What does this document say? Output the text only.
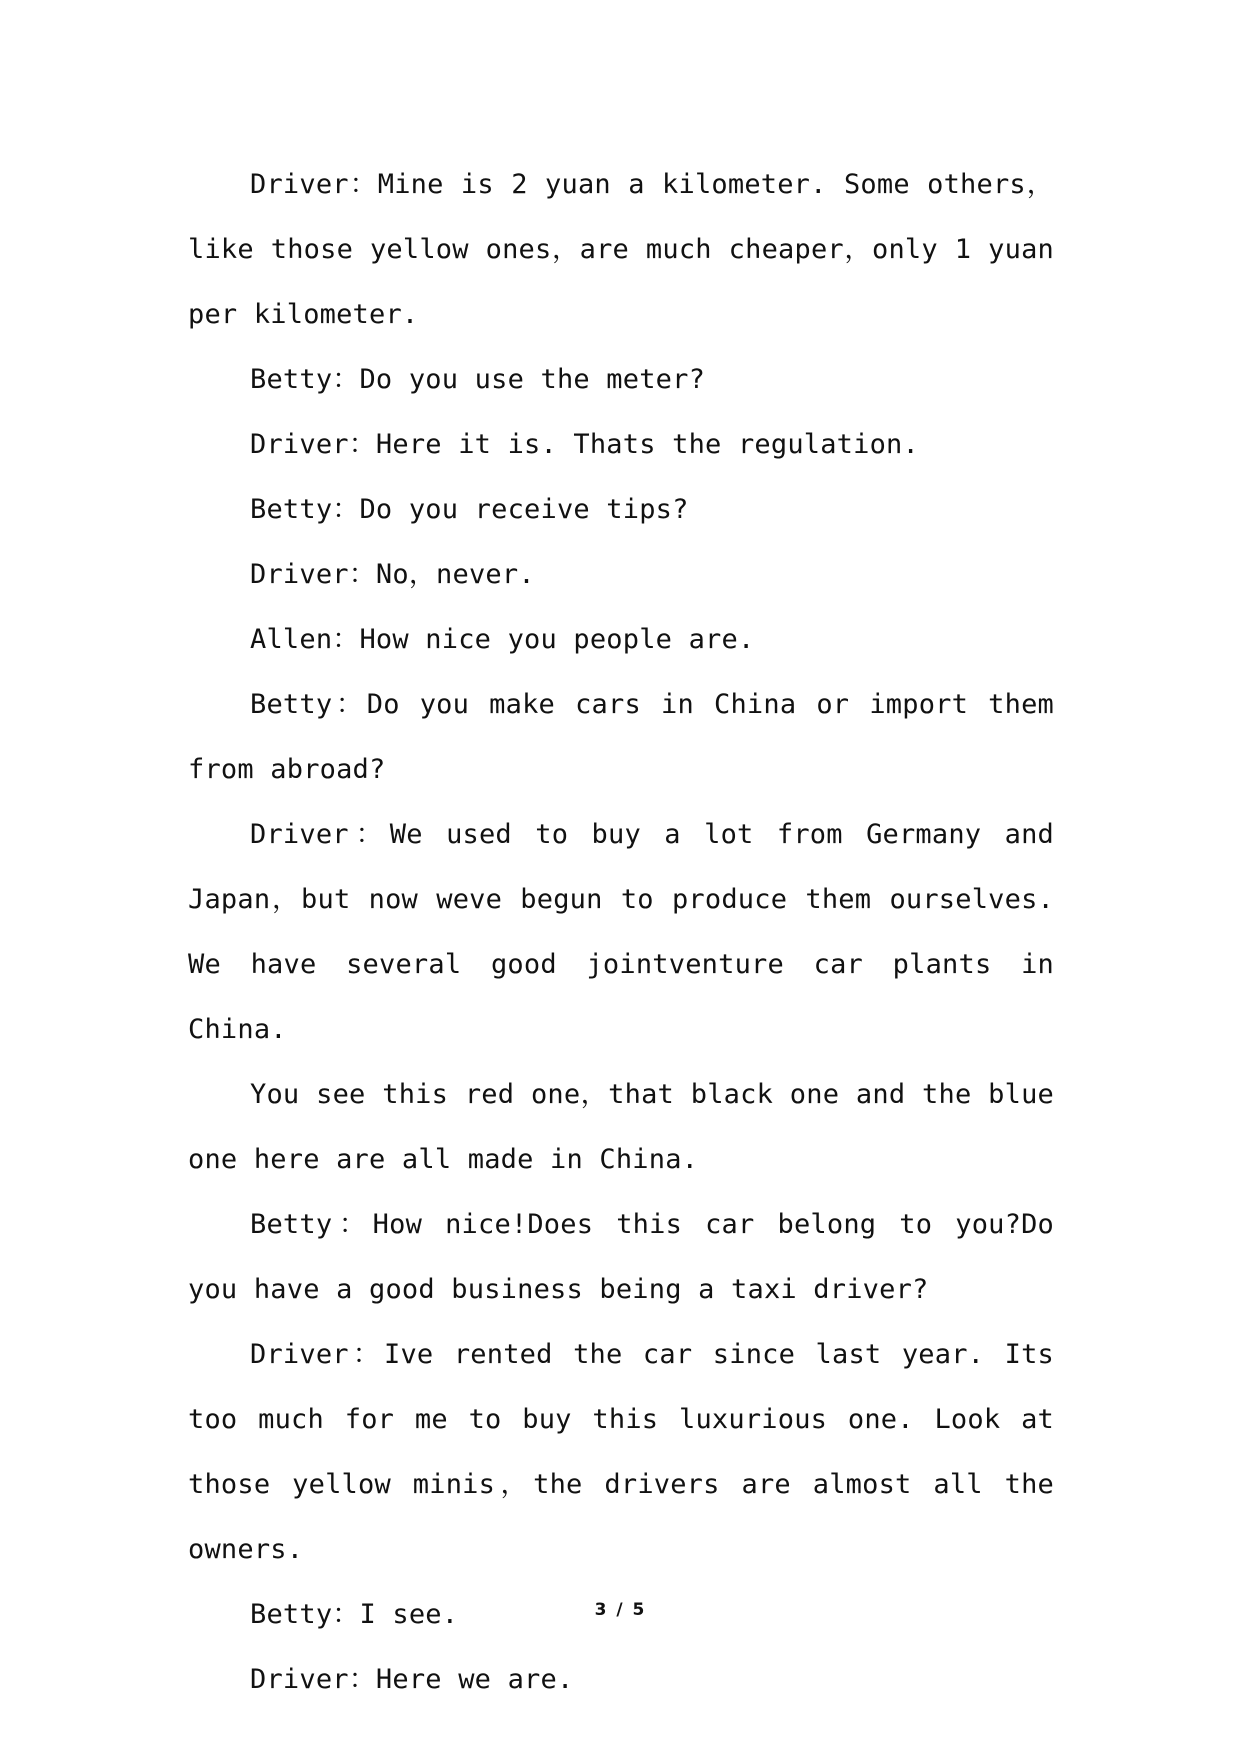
Driver：Mine is 2 yuan a kilometer. Some others，like those yellow ones，are much cheaper，only 1 yuan per kilometer.

Betty：Do you use the meter?

Driver：Here it is. Thats the regulation.

Betty：Do you receive tips?

Driver：No，never.

Allen：How nice you people are.

Betty：Do you make cars in China or import them from abroad?

Driver：We used to buy a lot from Germany and Japan，but now weve begun to produce them ourselves. We have several good jointventure car plants in China.

You see this red one，that black one and the blue one here are all made in China.

Betty：How nice!Does this car belong to you?Do you have a good business being a taxi driver?

Driver：Ive rented the car since last year. Its too much for me to buy this luxurious one. Look at those yellow minis，the drivers are almost all the owners.

Betty：I see.

Driver：Here we are.

3 / 5
